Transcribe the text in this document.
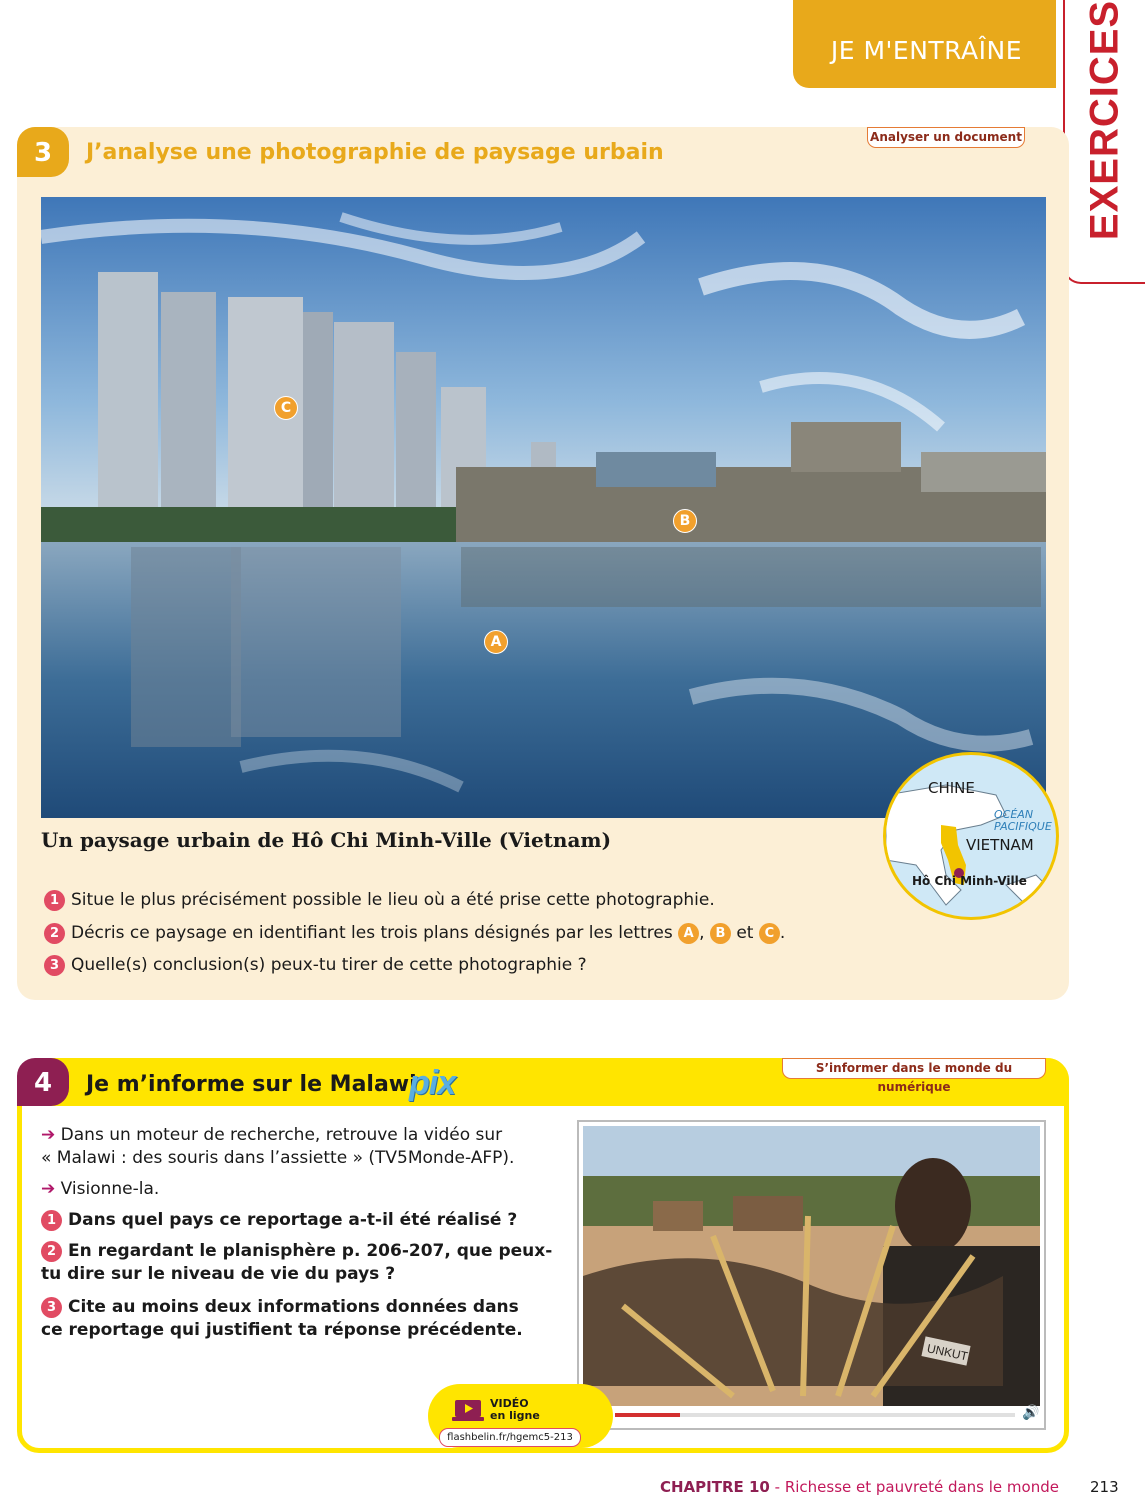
JE M'ENTRAÎNE EXERCICES
3	J’analyse une photographie de paysage urbain
Analyser un document
C
B
A
Un paysage urbain de Hô Chi Minh-Ville (Vietnam)
1 Situe le plus précisément possible le lieu où a été prise cette photographie.
2 Décris ce paysage en identifiant les trois plans désignés par les lettres A , B et C .
3 Quelle(s) conclusion(s) peux-tu tirer de cette photographie ?
CHINE
OCÉAN PACIFIQUE
VIETNAM
Hô Chi Minh-Ville
4	Je m’informe sur le Malawi
pix	S’informer dans le monde du numérique
➔ Dans un moteur de recherche, retrouve la vidéo sur
« Malawi : des souris dans l’assiette » (TV5Monde-AFP).
➔ Visionne-la.
1 Dans quel pays ce reportage a-t-il été réalisé ?
2 En regardant le planisphère p. 206-207, que peux-
tu dire sur le niveau de vie du pays ?
3 Cite au moins deux informations données dans
ce reportage qui justifient ta réponse précédente.
UNKUT
🔊
VIDÉO
en ligne
flashbelin.fr/hgemc5-213
CHAPITRE 10 - Richesse et pauvreté dans le monde 213
